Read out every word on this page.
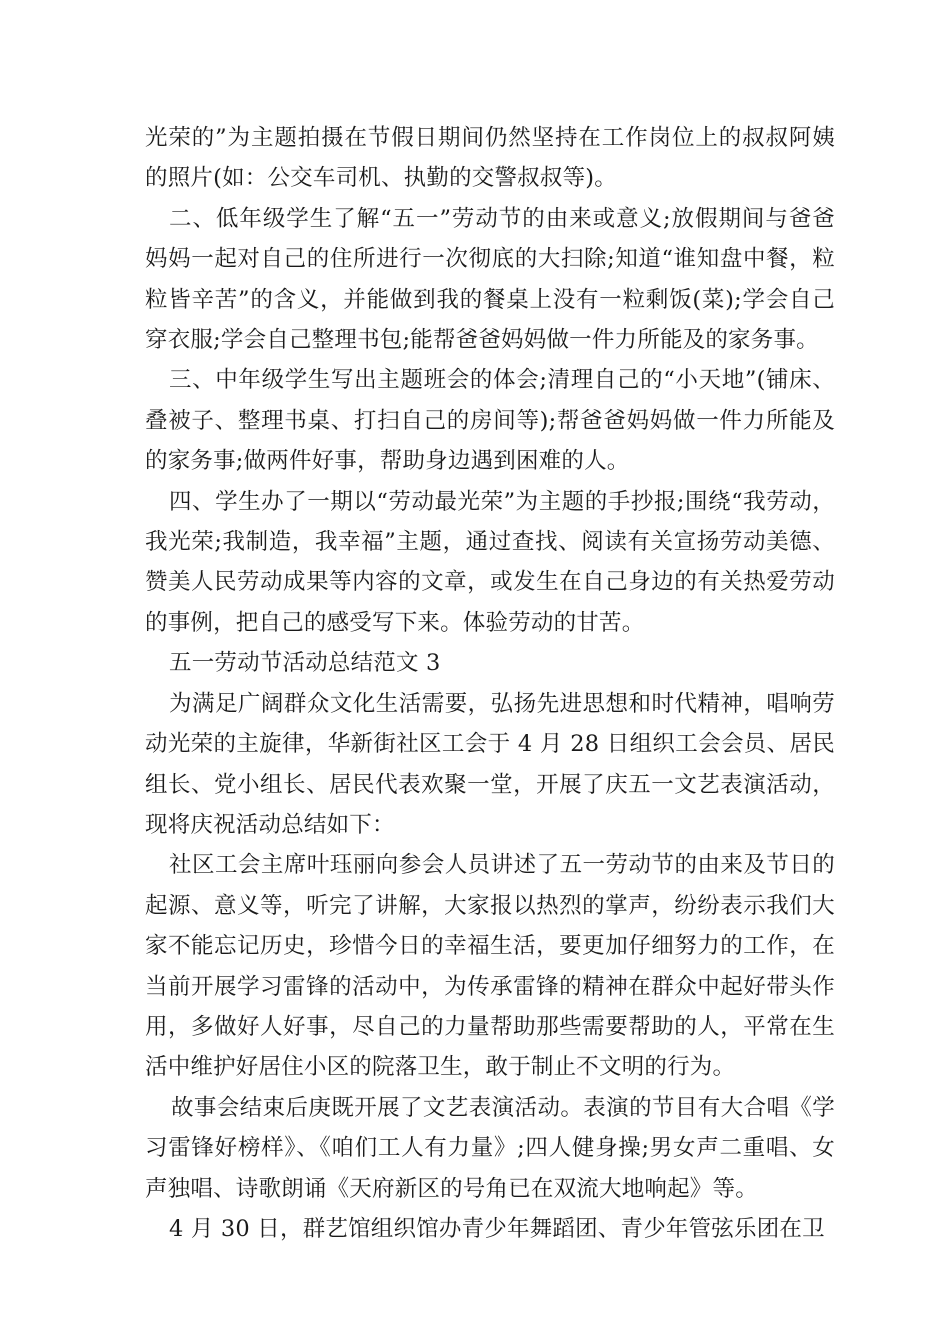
光荣的”为主题拍摄在节假日期间仍然坚持在工作岗位上的叔叔阿姨的照片(如：公交车司机、执勤的交警叔叔等)。

二、低年级学生了解“五一”劳动节的由来或意义;放假期间与爸爸妈妈一起对自己的住所进行一次彻底的大扫除;知道“谁知盘中餐，粒粒皆辛苦”的含义，并能做到我的餐桌上没有一粒剩饭(菜);学会自己穿衣服;学会自己整理书包;能帮爸爸妈妈做一件力所能及的家务事。

三、中年级学生写出主题班会的体会;清理自己的“小天地”(铺床、叠被子、整理书桌、打扫自己的房间等);帮爸爸妈妈做一件力所能及的家务事;做两件好事，帮助身边遇到困难的人。

四、学生办了一期以“劳动最光荣”为主题的手抄报;围绕“我劳动，我光荣;我制造，我幸福”主题，通过查找、阅读有关宣扬劳动美德、赞美人民劳动成果等内容的文章，或发生在自己身边的有关热爱劳动的事例，把自己的感受写下来。体验劳动的甘苦。

五一劳动节活动总结范文 3

为满足广阔群众文化生活需要，弘扬先进思想和时代精神，唱响劳动光荣的主旋律，华新街社区工会于 4 月 28 日组织工会会员、居民组长、党小组长、居民代表欢聚一堂，开展了庆五一文艺表演活动，现将庆祝活动总结如下：

社区工会主席叶珏丽向参会人员讲述了五一劳动节的由来及节日的起源、意义等，听完了讲解，大家报以热烈的掌声，纷纷表示我们大家不能忘记历史，珍惜今日的幸福生活，要更加仔细努力的工作，在当前开展学习雷锋的活动中，为传承雷锋的精神在群众中起好带头作用，多做好人好事，尽自己的力量帮助那些需要帮助的人，平常在生活中维护好居住小区的院落卫生，敢于制止不文明的行为。

故事会结束后庚既开展了文艺表演活动。表演的节目有大合唱《学习雷锋好榜样》、《咱们工人有力量》;四人健身操;男女声二重唱、女声独唱、诗歌朗诵《天府新区的号角已在双流大地响起》等。

4 月 30 日，群艺馆组织馆办青少年舞蹈团、青少年管弦乐团在卫
